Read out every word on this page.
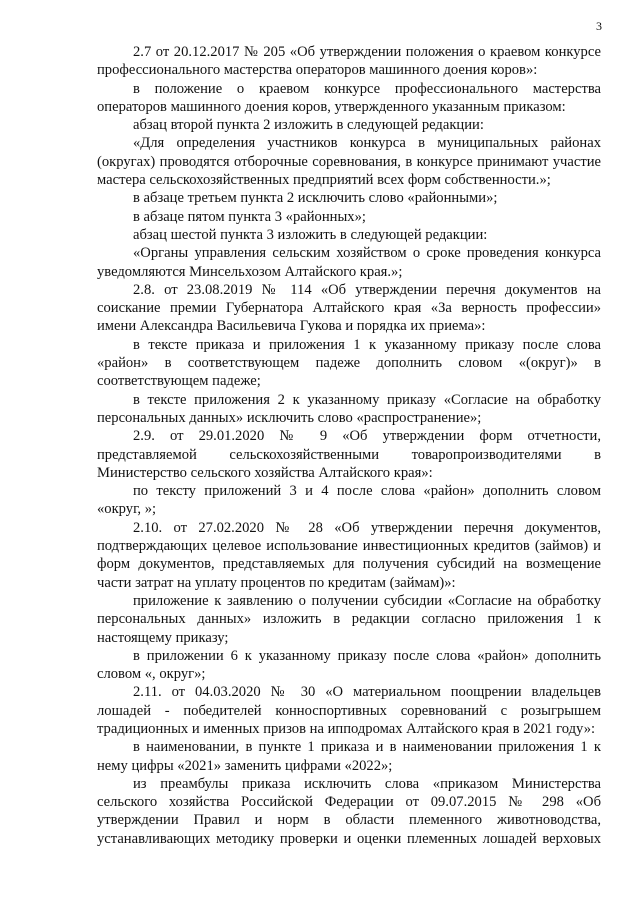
3

2.7 от 20.12.2017 № 205 «Об утверждении положения о краевом конкурсе профессионального мастерства операторов машинного доения коров»:

в положение о краевом конкурсе профессионального мастерства операторов машинного доения коров, утвержденного указанным приказом:

абзац второй пункта 2 изложить в следующей редакции:

«Для определения участников конкурса в муниципальных районах (округах) проводятся отборочные соревнования, в конкурсе принимают участие мастера сельскохозяйственных предприятий всех форм собственности.»;

в абзаце третьем пункта 2 исключить слово «районными»;

в абзаце пятом пункта 3 «районных»;

абзац шестой пункта 3 изложить в следующей редакции:

«Органы управления сельским хозяйством о сроке проведения конкурса уведомляются Минсельхозом Алтайского края.»;

2.8. от 23.08.2019 № 114 «Об утверждении перечня документов на соискание премии Губернатора Алтайского края «За верность профессии» имени Александра Васильевича Гукова и порядка их приема»:

в тексте приказа и приложения 1 к указанному приказу после слова «район» в соответствующем падеже дополнить словом «(округ)» в соответствующем падеже;

в тексте приложения 2 к указанному приказу «Согласие на обработку персональных данных» исключить слово «распространение»;

2.9. от 29.01.2020 № 9 «Об утверждении форм отчетности, представляемой сельскохозяйственными товаропроизводителями в Министерство сельского хозяйства Алтайского края»:

по тексту приложений 3 и 4 после слова «район» дополнить словом «округ, »;

2.10. от 27.02.2020 № 28 «Об утверждении перечня документов, подтверждающих целевое использование инвестиционных кредитов (займов) и форм документов, представляемых для получения субсидий на возмещение части затрат на уплату процентов по кредитам (займам)»:

приложение к заявлению о получении субсидии «Согласие на обработку персональных данных» изложить в редакции согласно приложения 1 к настоящему приказу;

в приложении 6 к указанному приказу после слова «район» дополнить словом «, округ»;

2.11. от 04.03.2020 № 30 «О материальном поощрении владельцев лошадей - победителей конноспортивных соревнований с розыгрышем традиционных и именных призов на ипподромах Алтайского края в 2021 году»:

в наименовании, в пункте 1 приказа и в наименовании приложения 1 к нему цифры «2021» заменить цифрами «2022»;

из преамбулы приказа исключить слова «приказом Министерства сельского хозяйства Российской Федерации от 09.07.2015 № 298 «Об утверждении Правил и норм в области племенного животноводства, устанавливающих методику проверки и оценки племенных лошадей верховых
